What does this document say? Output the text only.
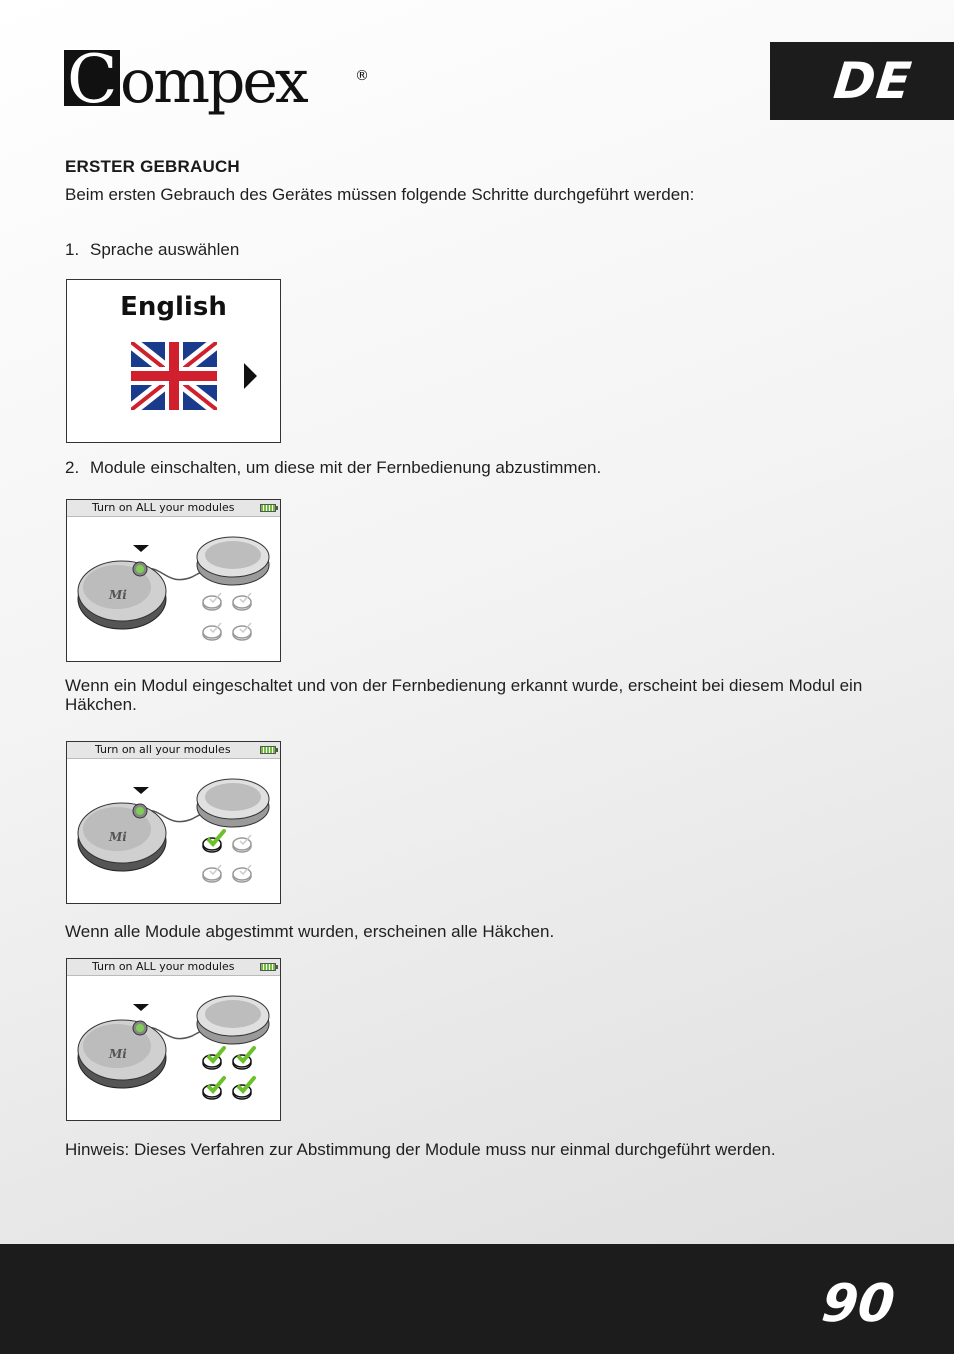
C ompex	®	DE
ERSTER GEBRAUCH
Beim ersten Gebrauch des Gerätes müssen folgende Schritte durchgeführt werden:
1. Sprache auswählen
English
2. Module einschalten, um diese mit der Fernbedienung abzustimmen.
Turn on ALL your modules
Mi
Wenn ein Modul eingeschaltet und von der Fernbedienung erkannt wurde, erscheint bei diesem Modul ein Häkchen.
Turn on all your modules
Mi
Wenn alle Module abgestimmt wurden, erscheinen alle Häkchen.
Turn on ALL your modules
Mi
Hinweis: Dieses Verfahren zur Abstimmung der Module muss nur einmal durchgeführt werden.
90
